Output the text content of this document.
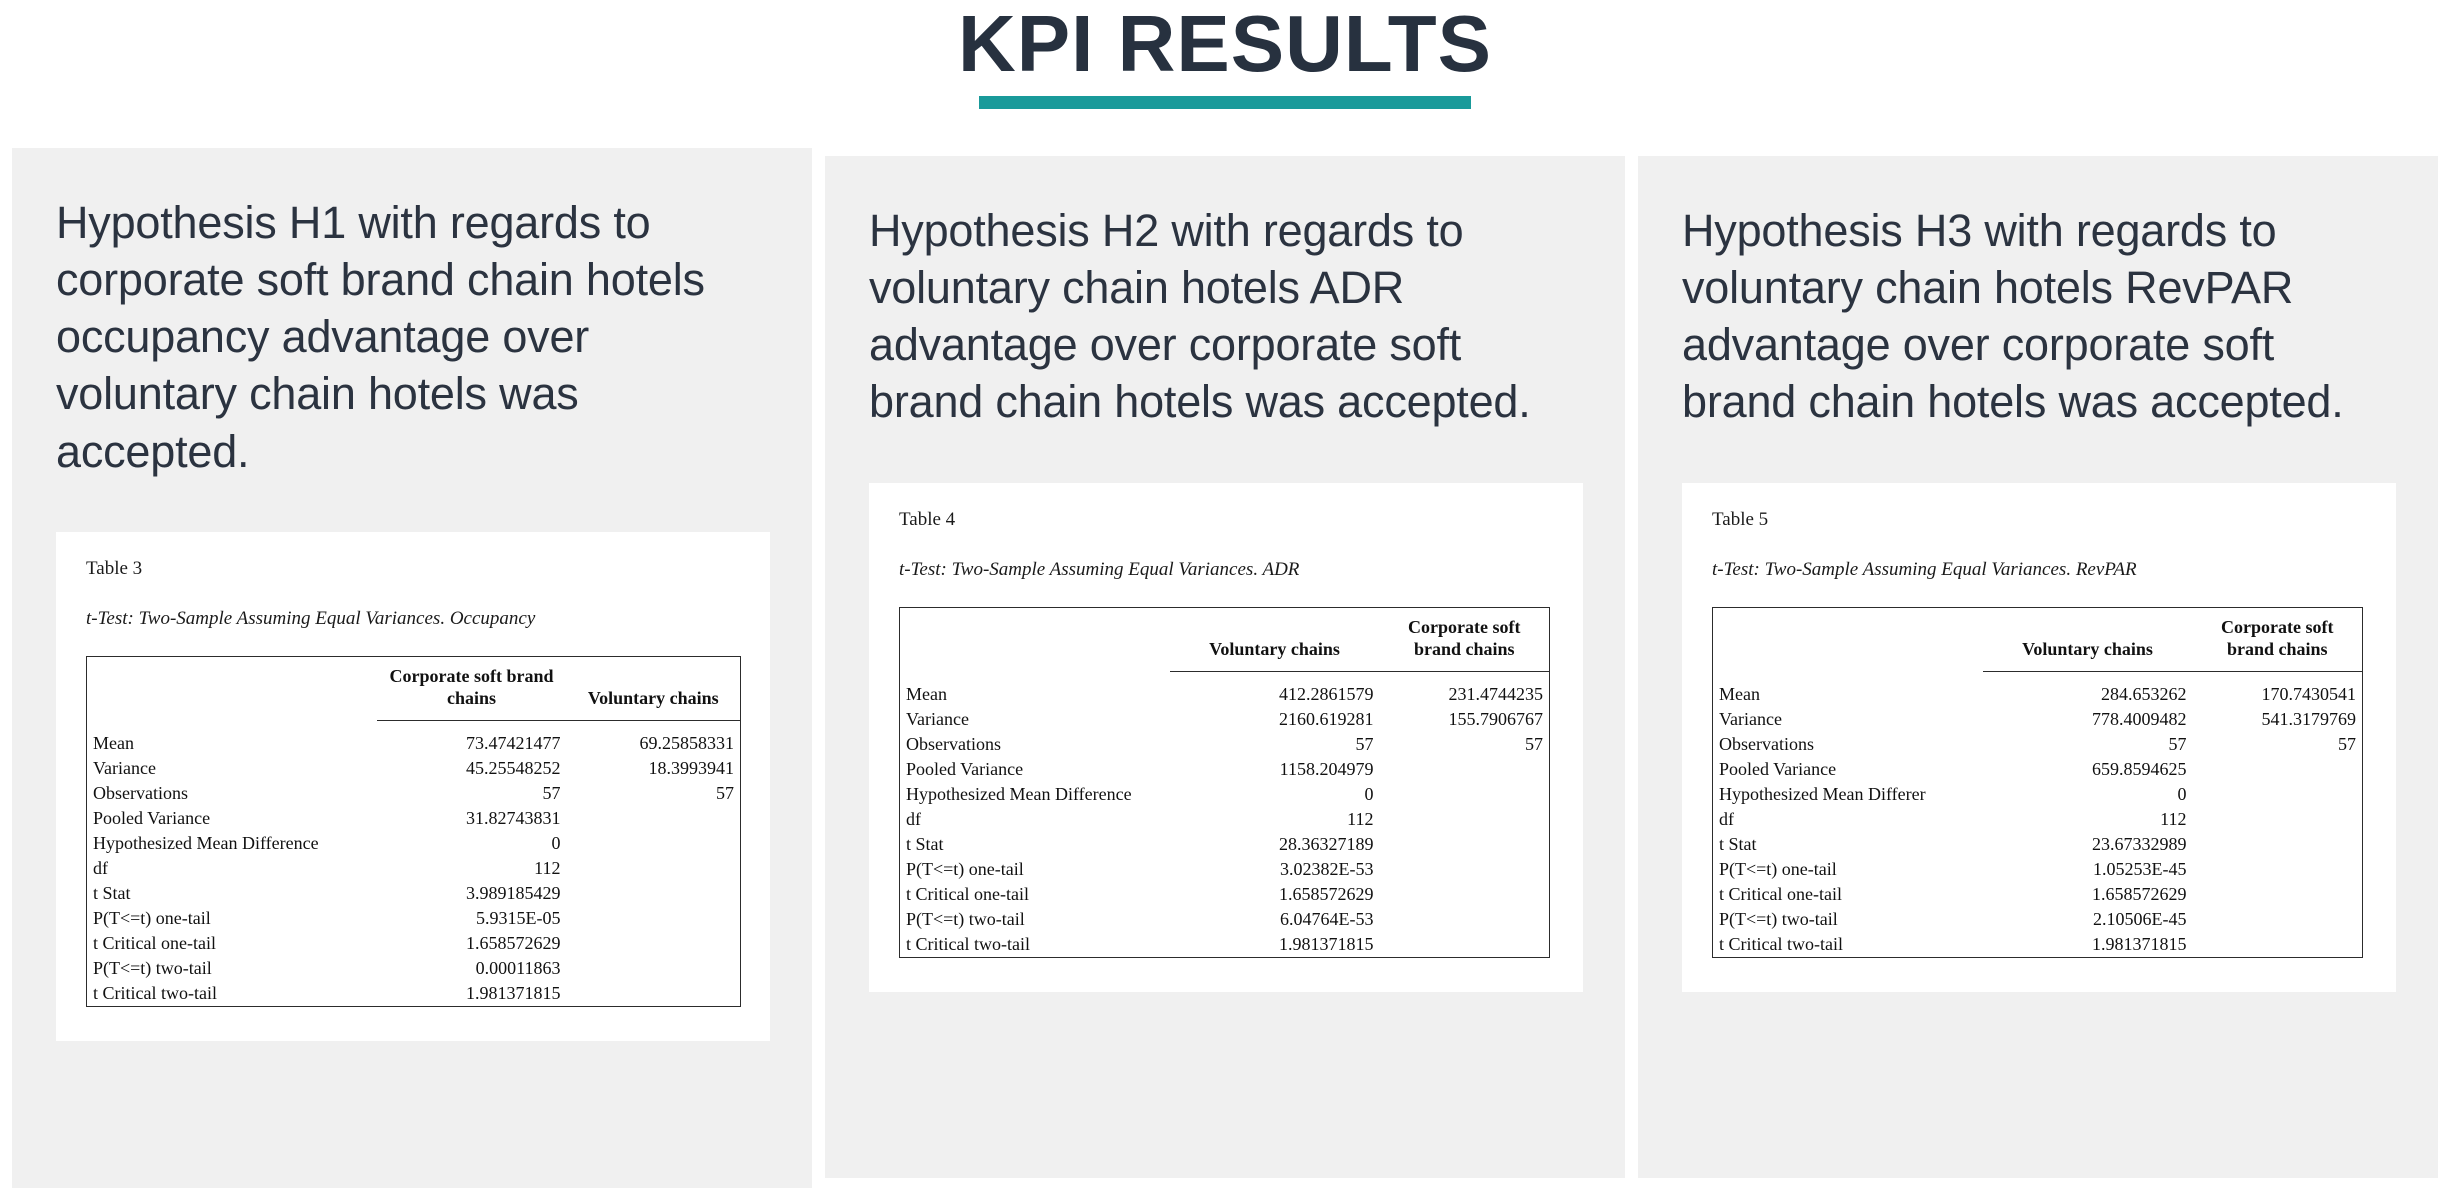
KPI RESULTS

Hypothesis H1 with regards to corporate soft brand chain hotels occupancy advantage over voluntary chain hotels was accepted.

Table 3
t-Test: Two-Sample Assuming Equal Variances. Occupancy
	Corporate soft brand chains	Voluntary chains
Mean	73.47421477	69.25858331
Variance	45.25548252	18.3993941
Observations	57	57
Pooled Variance	31.82743831	
Hypothesized Mean Difference	0	
df	112	
t Stat	3.989185429	
P(T<=t) one-tail	5.9315E-05	
t Critical one-tail	1.658572629	
P(T<=t) two-tail	0.00011863	
t Critical two-tail	1.981371815	

Hypothesis H2 with regards to voluntary chain hotels ADR advantage over corporate soft brand chain hotels was accepted.

Table 4
t-Test: Two-Sample Assuming Equal Variances. ADR
	Voluntary chains	Corporate soft brand chains
Mean	412.2861579	231.4744235
Variance	2160.619281	155.7906767
Observations	57	57
Pooled Variance	1158.204979	
Hypothesized Mean Difference	0	
df	112	
t Stat	28.36327189	
P(T<=t) one-tail	3.02382E-53	
t Critical one-tail	1.658572629	
P(T<=t) two-tail	6.04764E-53	
t Critical two-tail	1.981371815	

Hypothesis H3 with regards to voluntary chain hotels RevPAR advantage over corporate soft brand chain hotels was accepted.

Table 5
t-Test: Two-Sample Assuming Equal Variances. RevPAR
	Voluntary chains	Corporate soft brand chains
Mean	284.653262	170.7430541
Variance	778.4009482	541.3179769
Observations	57	57
Pooled Variance	659.8594625	
Hypothesized Mean Differer	0	
df	112	
t Stat	23.67332989	
P(T<=t) one-tail	1.05253E-45	
t Critical one-tail	1.658572629	
P(T<=t) two-tail	2.10506E-45	
t Critical two-tail	1.981371815	
